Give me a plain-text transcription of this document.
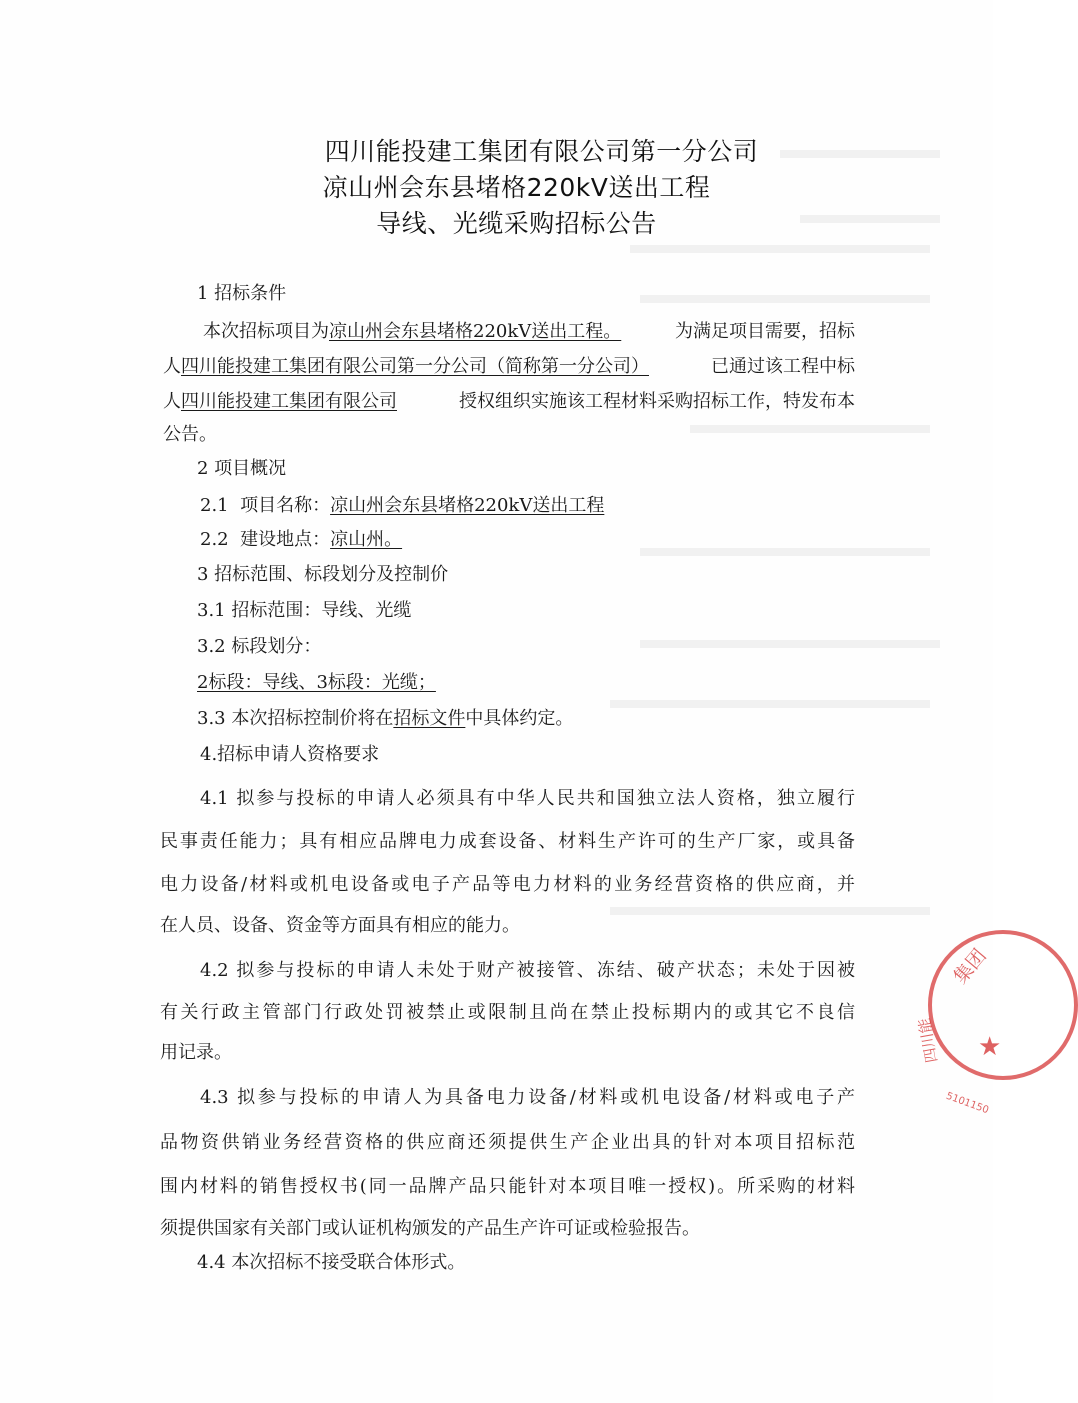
四川能投建工集团有限公司第一分公司
凉山州会东县堵格220kV送出工程
导线、光缆采购招标公告
1 招标条件
本次招标项目为凉山州会东县堵格220kV送出工程。	为满足项目需要，招标
人四川能投建工集团有限公司第一分公司（简称第一分公司）	已通过该工程中标
人四川能投建工集团有限公司	授权组织实施该工程材料采购招标工作，特发布本
公告。
2 项目概况
2.1  项目名称：凉山州会东县堵格220kV送出工程
2.2  建设地点：凉山州。
3 招标范围、标段划分及控制价
3.1 招标范围：导线、光缆
3.2 标段划分：
2标段：导线、3标段：光缆；
3.3 本次招标控制价将在招标文件中具体约定。
4.招标申请人资格要求
4.1 拟参与投标的申请人必须具有中华人民共和国独立法人资格，独立履行
民事责任能力；具有相应品牌电力成套设备、材料生产许可的生产厂家，或具备
电力设备/材料或机电设备或电子产品等电力材料的业务经营资格的供应商，并
在人员、设备、资金等方面具有相应的能力。
4.2 拟参与投标的申请人未处于财产被接管、冻结、破产状态；未处于因被
有关行政主管部门行政处罚被禁止或限制且尚在禁止投标期内的或其它不良信
用记录。
4.3 拟参与投标的申请人为具备电力设备/材料或机电设备/材料或电子产
品物资供销业务经营资格的供应商还须提供生产企业出具的针对本项目招标范
围内材料的销售授权书(同一品牌产品只能针对本项目唯一授权)。所采购的材料
须提供国家有关部门或认证机构颁发的产品生产许可证或检验报告。
4.4 本次招标不接受联合体形式。
集团
四川能
5101150
★
